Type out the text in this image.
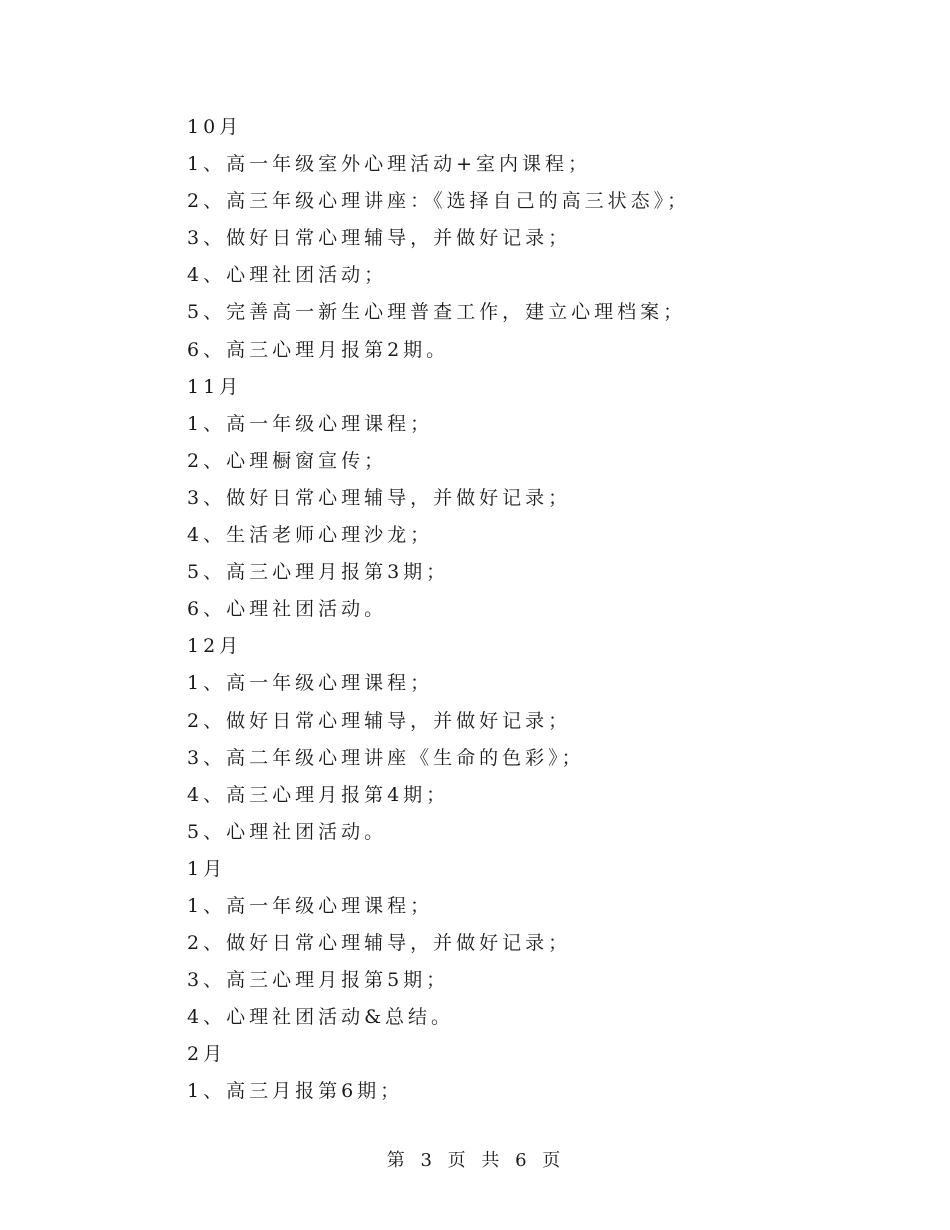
10月
1、高一年级室外心理活动+室内课程；
2、高三年级心理讲座：《选择自己的高三状态》；
3、做好日常心理辅导，并做好记录；
4、心理社团活动；
5、完善高一新生心理普查工作，建立心理档案；
6、高三心理月报第2期。
11月
1、高一年级心理课程；
2、心理橱窗宣传；
3、做好日常心理辅导，并做好记录；
4、生活老师心理沙龙；
5、高三心理月报第3期；
6、心理社团活动。
12月
1、高一年级心理课程；
2、做好日常心理辅导，并做好记录；
3、高二年级心理讲座《生命的色彩》；
4、高三心理月报第4期；
5、心理社团活动。
1月
1、高一年级心理课程；
2、做好日常心理辅导，并做好记录；
3、高三心理月报第5期；
4、心理社团活动&总结。
2月
1、高三月报第6期；
第 3 页 共 6 页
